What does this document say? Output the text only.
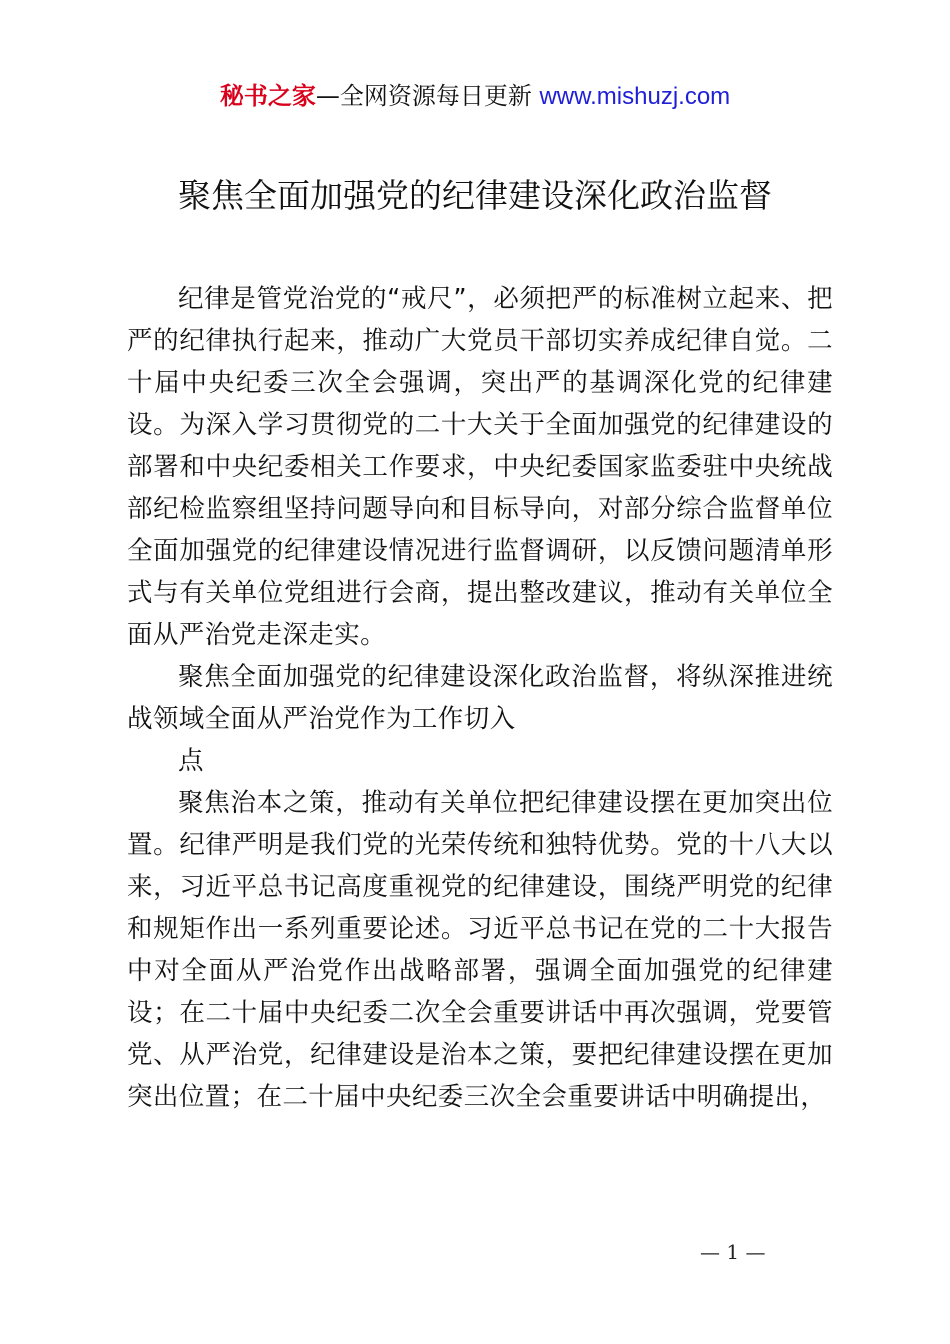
秘书之家—全网资源每日更新 www.mishuzj.com
聚焦全面加强党的纪律建设深化政治监督

纪律是管党治党的“戒尺”，必须把严的标准树立起来、把严的纪律执行起来，推动广大党员干部切实养成纪律自觉。二十届中央纪委三次全会强调，突出严的基调深化党的纪律建设。为深入学习贯彻党的二十大关于全面加强党的纪律建设的部署和中央纪委相关工作要求，中央纪委国家监委驻中央统战部纪检监察组坚持问题导向和目标导向，对部分综合监督单位全面加强党的纪律建设情况进行监督调研，以反馈问题清单形式与有关单位党组进行会商，提出整改建议，推动有关单位全面从严治党走深走实。

聚焦全面加强党的纪律建设深化政治监督，将纵深推进统战领域全面从严治党作为工作切入

点

聚焦治本之策，推动有关单位把纪律建设摆在更加突出位置。纪律严明是我们党的光荣传统和独特优势。党的十八大以来，习近平总书记高度重视党的纪律建设，围绕严明党的纪律和规矩作出一系列重要论述。习近平总书记在党的二十大报告中对全面从严治党作出战略部署，强调全面加强党的纪律建设；在二十届中央纪委二次全会重要讲话中再次强调，党要管党、从严治党，纪律建设是治本之策，要把纪律建设摆在更加突出位置；在二十届中央纪委三次全会重要讲话中明确提出，

— 1 —
